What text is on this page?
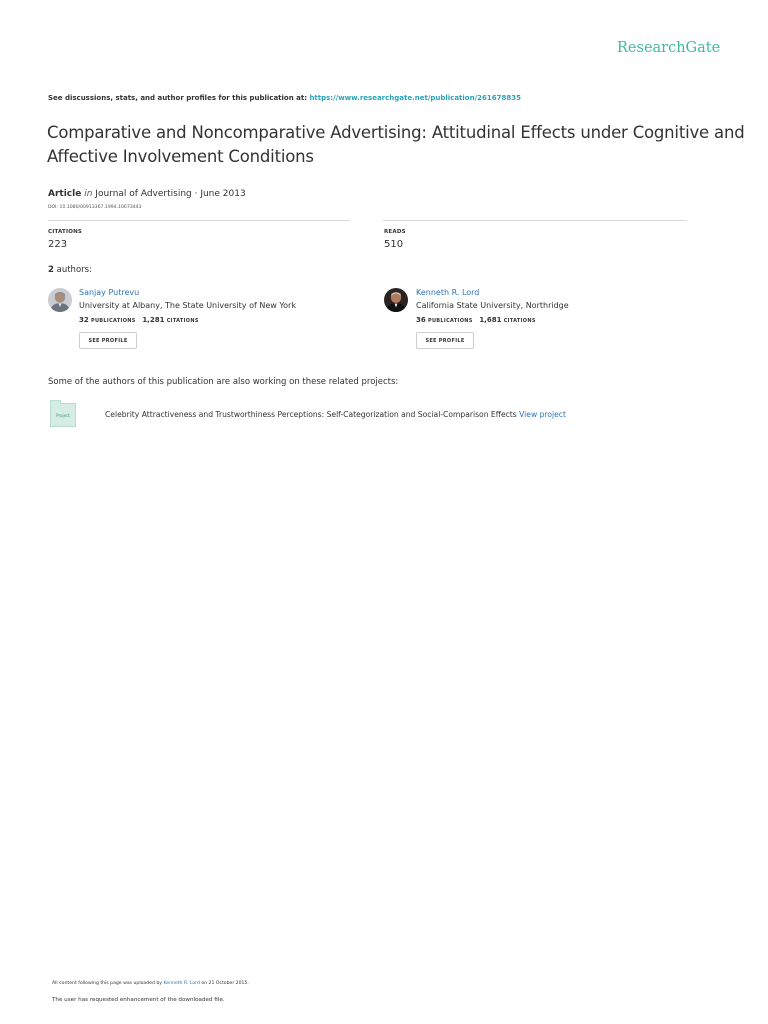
ResearchGate
See discussions, stats, and author profiles for this publication at: https://www.researchgate.net/publication/261678835
Comparative and Noncomparative Advertising: Attitudinal Effects under Cognitive and Affective Involvement Conditions
Article in Journal of Advertising · June 2013
DOI: 10.1080/00913367.1994.10673443
CITATIONS
223
READS
510
2 authors:
Sanjay Putrevu
University at Albany, The State University of New York
32 PUBLICATIONS 1,281 CITATIONS
SEE PROFILE
Kenneth R. Lord
California State University, Northridge
36 PUBLICATIONS 1,681 CITATIONS
SEE PROFILE
Some of the authors of this publication are also working on these related projects:
Project	Celebrity Attractiveness and Trustworthiness Perceptions: Self-Categorization and Social-Comparison Effects View project
All content following this page was uploaded by Kenneth R. Lord on 21 October 2015.
The user has requested enhancement of the downloaded file.
